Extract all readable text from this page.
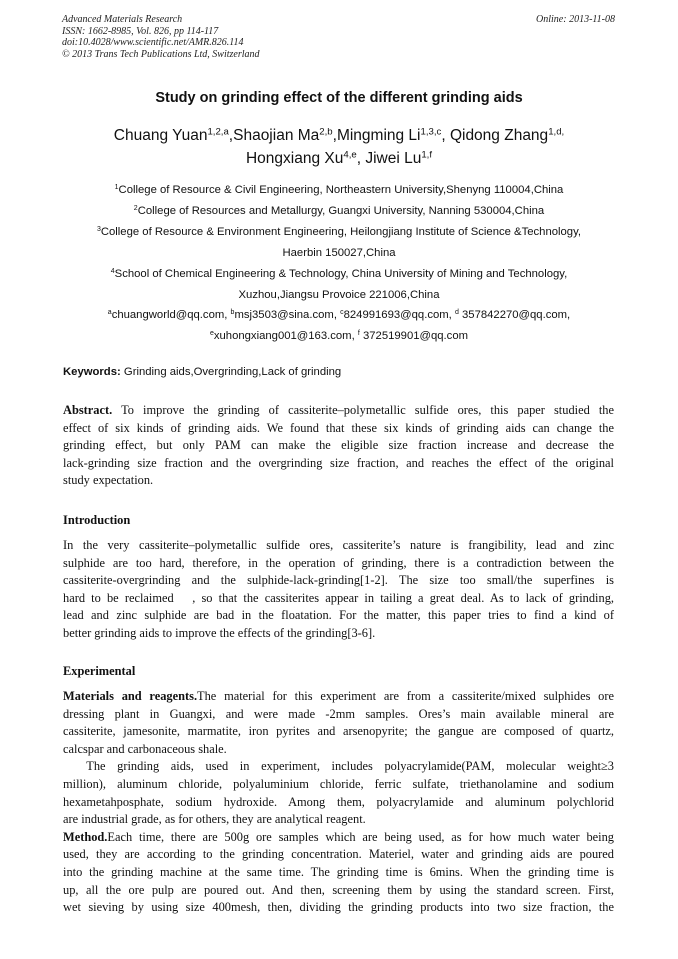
Advanced Materials Research
ISSN: 1662-8985, Vol. 826, pp 114-117
doi:10.4028/www.scientific.net/AMR.826.114
© 2013 Trans Tech Publications Ltd, Switzerland
Online: 2013-11-08
Study on grinding effect of the different grinding aids
Chuang Yuan$^{1,2,a}$,Shaojian Ma$^{2,b}$,Mingming Li$^{1,3,c}$, Qidong Zhang$^{1,d,}$
Hongxiang Xu$^{4,e}$, Jiwei Lu$^{1,f}$
$^1$College of Resource & Civil Engineering, Northeastern University,Shenyng 110004,China
$^2$College of Resources and Metallurgy, Guangxi University, Nanning 530004,China
$^3$College of Resource & Environment Engineering, Heilongjiang Institute of Science &Technology,
Haerbin 150027,China
$^4$School of Chemical Engineering & Technology, China University of Mining and Technology,
Xuzhou,Jiangsu Provoice 221006,China
$^a$chuangworld@qq.com, $^b$msj3503@sina.com, $^c$824991693@qq.com, $^d$ 357842270@qq.com,
$^e$xuhongxiang001@163.com, $^f$ 372519901@qq.com
Keywords: Grinding aids,Overgrinding,Lack of grinding
Abstract. To improve the grinding of cassiterite–polymetallic sulfide ores, this paper studied the
effect of six kinds of grinding aids. We found that these six kinds of grinding aids can change the
grinding effect, but only PAM can make the eligible size fraction increase and decrease the
lack-grinding size fraction and the overgrinding size fraction, and reaches the effect of the original
study expectation.
Introduction
In the very cassiterite–polymetallic sulfide ores, cassiterite’s nature is frangibility, lead and zinc
sulphide are too hard, therefore, in the operation of grinding, there is a contradiction between the
cassiterite-overgrinding and the sulphide-lack-grinding[1-2]. The size too small/the superfines is
hard to be reclaimed　, so that the cassiterites appear in tailing a great deal. As to lack of grinding,
lead and zinc sulphide are bad in the floatation. For the matter, this paper tries to find a kind of
better grinding aids to improve the effects of the grinding[3-6].
Experimental
Materials and reagents.The material for this experiment are from a cassiterite/mixed sulphides ore
dressing plant in Guangxi, and were made -2mm samples. Ores’s main available mineral are
cassiterite, jamesonite, marmatite, iron pyrites and arsenopyrite; the gangue are composed of quartz,
calcspar and carbonaceous shale.
The grinding aids, used in experiment, includes polyacrylamide(PAM, molecular weight≥3
million), aluminum chloride, polyaluminium chloride, ferric sulfate, triethanolamine and sodium
hexametahposphate, sodium hydroxide. Among them, polyacrylamide and aluminum polychlorid
are industrial grade, as for others, they are analytical reagent.
Method.Each time, there are 500g ore samples which are being used, as for how much water being
used, they are according to the grinding concentration. Materiel, water and grinding aids are poured
into the grinding machine at the same time. The grinding time is 6mins. When the grinding time is
up, all the ore pulp are poured out. And then, screening them by using the standard screen. First,
wet sieving by using size 400mesh, then, dividing the grinding products into two size fraction, the
